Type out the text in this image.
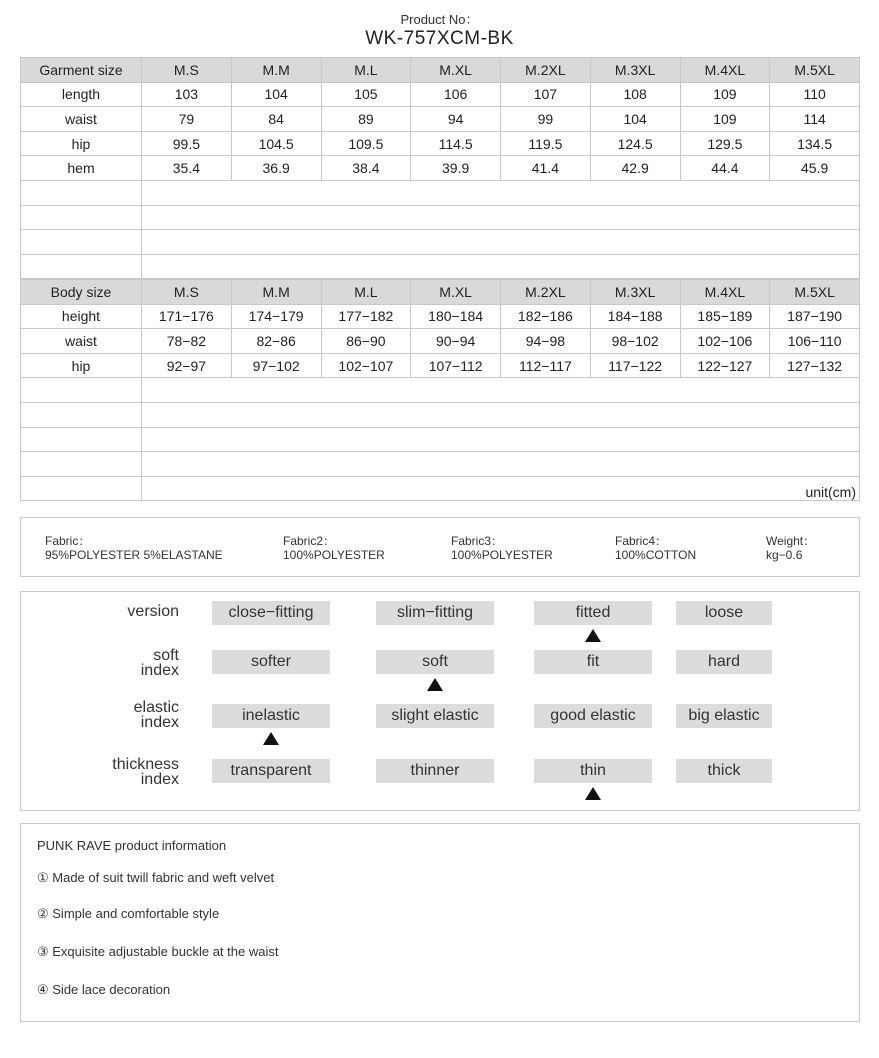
Product No：
WK-757XCM-BK
Garment size	M.S	M.M	M.L	M.XL	M.2XL	M.3XL	M.4XL	M.5XL
length	103	104	105	106	107	108	109	110
waist	79	84	89	94	99	104	109	114
hip	99.5	104.5	109.5	114.5	119.5	124.5	129.5	134.5
hem	35.4	36.9	38.4	39.9	41.4	42.9	44.4	45.9

Body size	M.S	M.M	M.L	M.XL	M.2XL	M.3XL	M.4XL	M.5XL
height	171−176	174−179	177−182	180−184	182−186	184−188	185−189	187−190
waist	78−82	82−86	86−90	90−94	94−98	98−102	102−106	106−110
hip	92−97	97−102	102−107	107−112	112−117	117−122	122−127	127−132

	unit(cm)							
Fabric：
95%POLYESTER 5%ELASTANE
Fabric2：
100%POLYESTER
Fabric3：
100%POLYESTER
Fabric4：
100%COTTON
Weight：
kg−0.6
version	close−fitting	slim−fitting	fitted	loose
soft
index
softer	soft	fit	hard
elastic
index	inelastic	slight elastic	good elastic	big elastic
thickness
index
transparent	thinner	thin	thick
PUNK RAVE product information
① Made of suit twill fabric and weft velvet
② Simple and comfortable style
③ Exquisite adjustable buckle at the waist
④ Side lace decoration
